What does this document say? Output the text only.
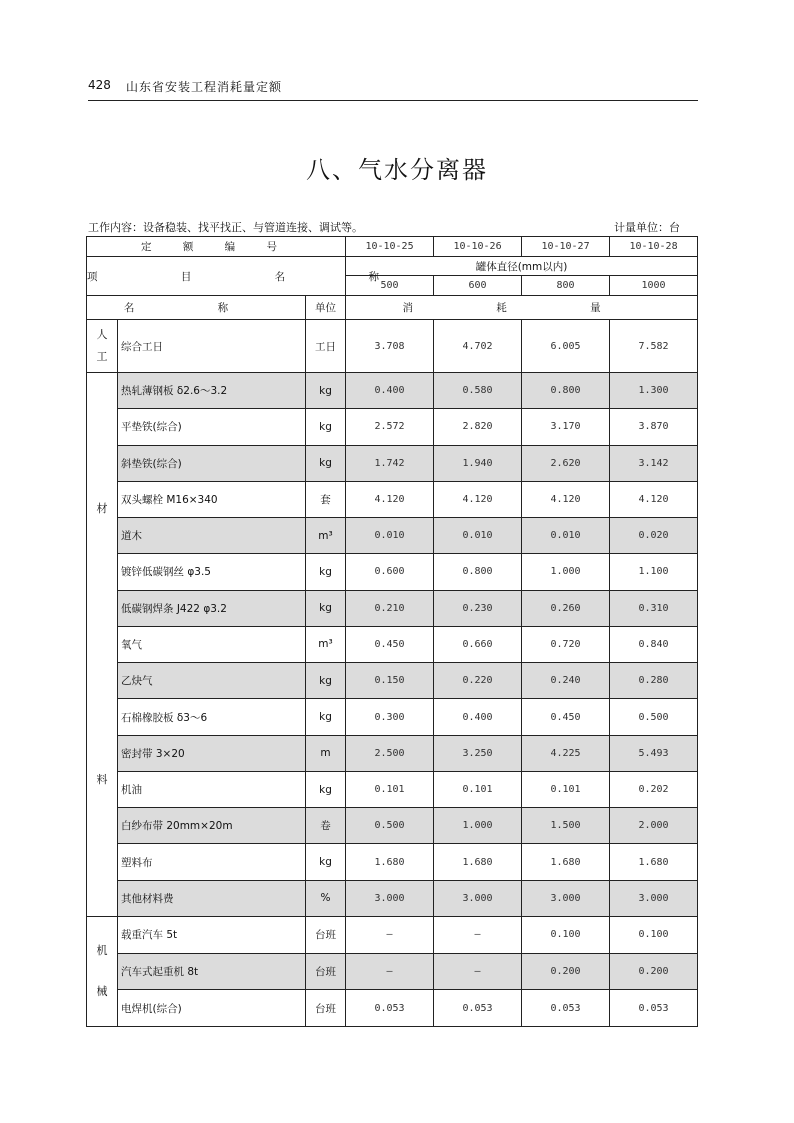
428 山东省安装工程消耗量定额
八、气水分离器
工作内容：设备稳装、找平找正、与管道连接、调试等。	计量单位：台
定 额 编 号			10-10-25	10-10-26	10-10-27	10-10-28
项 目 名 称			罐体直径(mm以内)			
			500	600	800	1000
名 称		单位	消 耗 量			

人
工	综合工日	工日	3.708	4.702	6.005	7.582

材
料	热轧薄钢板 δ2.6～3.2	kg	0.400	0.580	0.800	1.300
	平垫铁(综合)	kg	2.572	2.820	3.170	3.870
	斜垫铁(综合)	kg	1.742	1.940	2.620	3.142
	双头螺栓 M16×340	套	4.120	4.120	4.120	4.120
	道木	m³	0.010	0.010	0.010	0.020
	镀锌低碳钢丝 φ3.5	kg	0.600	0.800	1.000	1.100
	低碳钢焊条 J422 φ3.2	kg	0.210	0.230	0.260	0.310
	氧气	m³	0.450	0.660	0.720	0.840
	乙炔气	kg	0.150	0.220	0.240	0.280
	石棉橡胶板 δ3～6	kg	0.300	0.400	0.450	0.500
	密封带 3×20	m	2.500	3.250	4.225	5.493
	机油	kg	0.101	0.101	0.101	0.202
	白纱布带 20mm×20m	卷	0.500	1.000	1.500	2.000
	塑料布	kg	1.680	1.680	1.680	1.680
	其他材料费	%	3.000	3.000	3.000	3.000

机
械	载重汽车 5t	台班	—	—	0.100	0.100
	汽车式起重机 8t	台班	—	—	0.200	0.200
	电焊机(综合)	台班	0.053	0.053	0.053	0.053
